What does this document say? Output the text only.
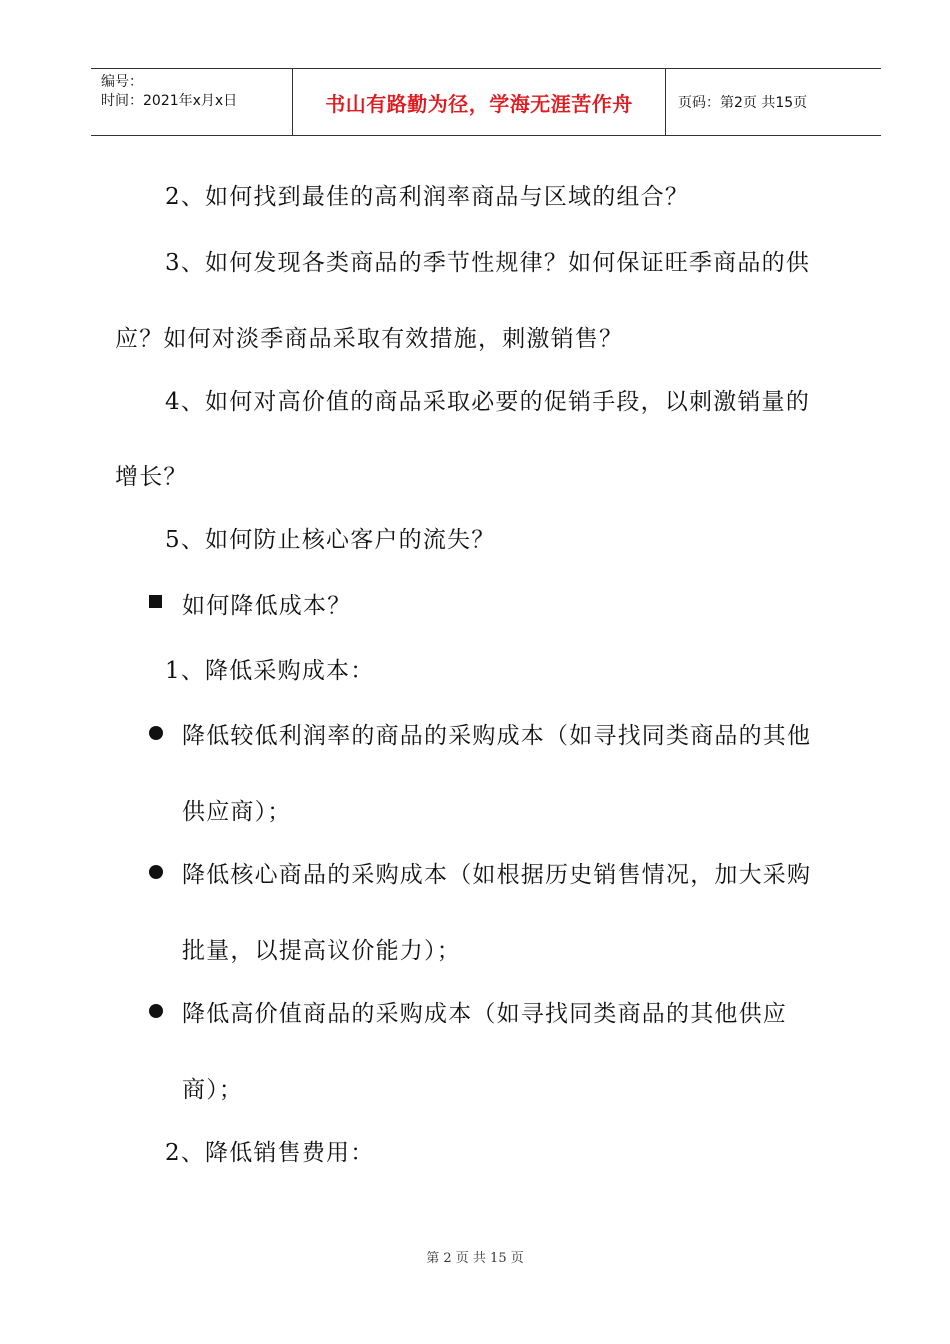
编号：
时间：2021年x月x日	书山有路勤为径，学海无涯苦作舟	页码：第2页 共15页
2、如何找到最佳的高利润率商品与区域的组合？
3、如何发现各类商品的季节性规律？如何保证旺季商品的供
应？如何对淡季商品采取有效措施，刺激销售？
4、如何对高价值的商品采取必要的促销手段，以刺激销量的
增长？
5、如何防止核心客户的流失？
如何降低成本？
1、降低采购成本：
降低较低利润率的商品的采购成本（如寻找同类商品的其他
供应商）；
降低核心商品的采购成本（如根据历史销售情况，加大采购
批量，以提高议价能力）；
降低高价值商品的采购成本（如寻找同类商品的其他供应
商）；
2、降低销售费用：
第 2 页 共 15 页
